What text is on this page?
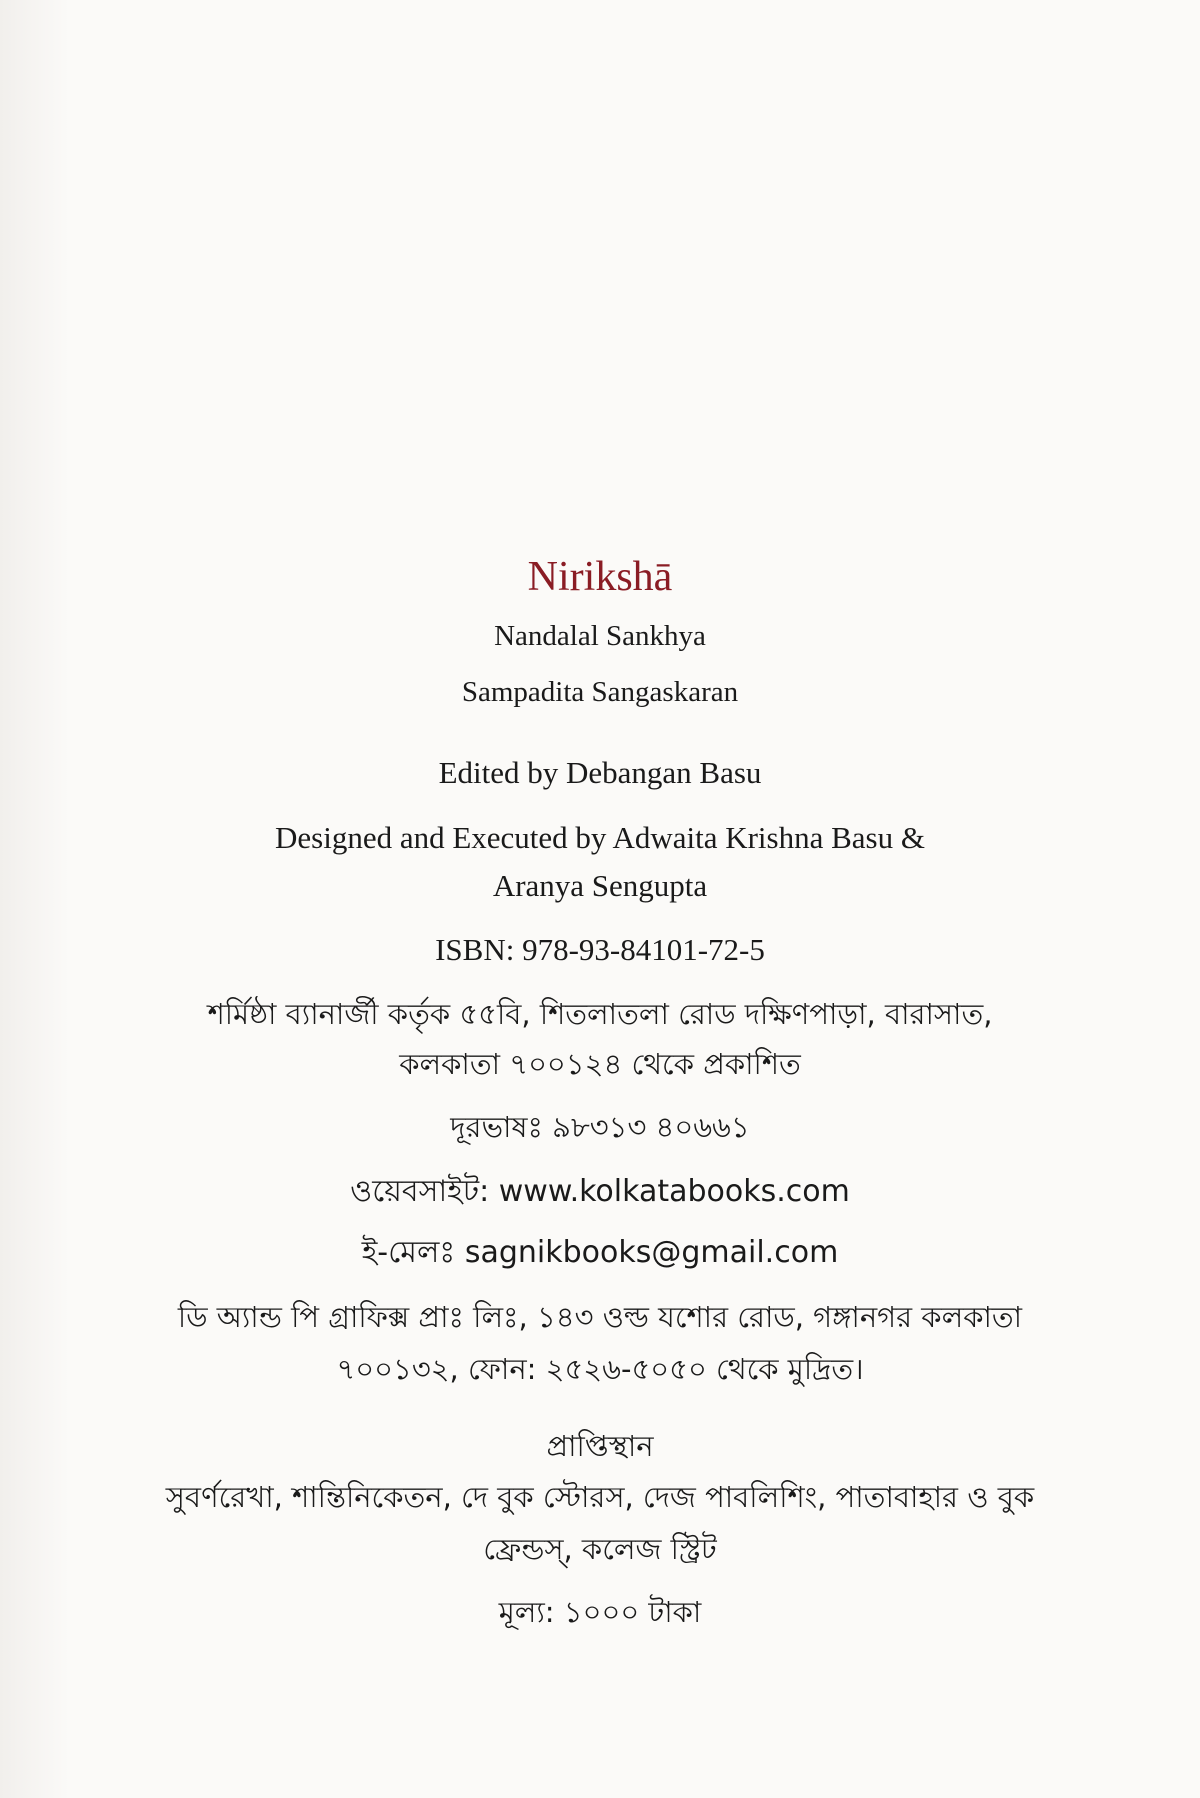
Nirikshā
Nandalal Sankhya
Sampadita Sangaskaran
Edited by Debangan Basu
Designed and Executed by Adwaita Krishna Basu &
Aranya Sengupta
ISBN: 978-93-84101-72-5
শর্মিষ্ঠা ব্যানার্জী কর্তৃক ৫৫বি, শিতলাতলা রোড দক্ষিণপাড়া, বারাসাত,
কলকাতা ৭০০১২৪ থেকে প্রকাশিত
দূরভাষঃ ৯৮৩১৩ ৪০৬৬১
ওয়েবসাইট: www.kolkatabooks.com
ই-মেলঃ sagnikbooks@gmail.com
ডি অ্যান্ড পি গ্রাফিক্স প্রাঃ লিঃ, ১৪৩ ওল্ড যশোর রোড, গঙ্গানগর কলকাতা
৭০০১৩২, ফোন: ২৫২৬-৫০৫০ থেকে মুদ্রিত।
প্রাপ্তিস্থান
সুবর্ণরেখা, শান্তিনিকেতন, দে বুক স্টোরস, দেজ পাবলিশিং, পাতাবাহার ও বুক
ফ্রেন্ডস্, কলেজ স্ট্রিট
মূল্য: ১০০০ টাকা
